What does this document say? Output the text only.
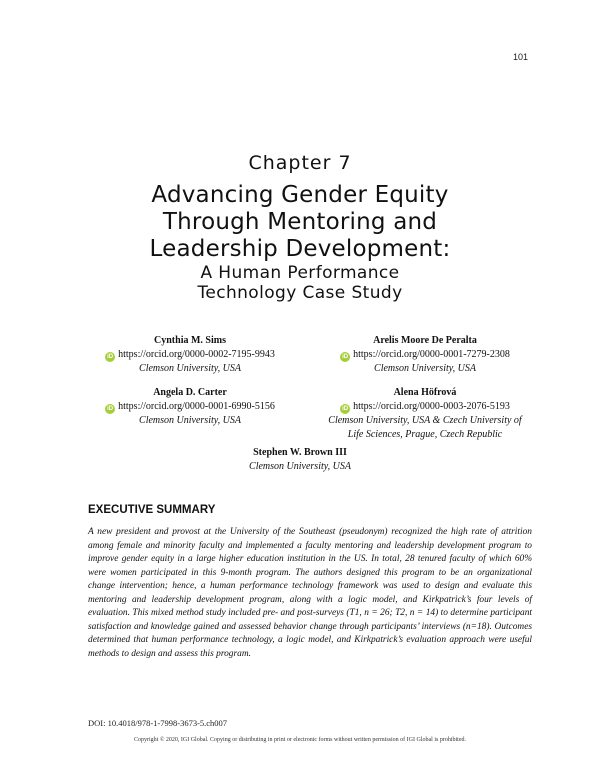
101
Chapter 7
Advancing Gender Equity
Through Mentoring and
Leadership Development:
A Human Performance
Technology Case Study
Cynthia M. Sims
iD https://orcid.org/0000-0002-7195-9943
Clemson University, USA
Arelis Moore De Peralta
iD https://orcid.org/0000-0001-7279-2308
Clemson University, USA
Angela D. Carter
iD https://orcid.org/0000-0001-6990-5156
Clemson University, USA
Alena Höfrová
iD https://orcid.org/0000-0003-2076-5193
Clemson University, USA & Czech University of
Life Sciences, Prague, Czech Republic
Stephen W. Brown III
Clemson University, USA
EXECUTIVE SUMMARY

A new president and provost at the University of the Southeast (pseudonym) recognized the high rate of attrition among female and minority faculty and implemented a faculty mentoring and leadership development program to improve gender equity in a large higher education institution in the US. In total, 28 tenured faculty of which 60% were women participated in this 9-month program. The authors designed this program to be an organizational change intervention; hence, a human performance technology framework was used to design and evaluate this mentoring and leadership development program, along with a logic model, and Kirkpatrick’s four levels of evaluation. This mixed method study included pre- and post-surveys (T1, n = 26; T2, n = 14) to determine participant satisfaction and knowledge gained and assessed behavior change through participants’ interviews (n=18). Outcomes determined that human performance technology, a logic model, and Kirkpatrick’s evaluation approach were useful methods to design and assess this program.

DOI: 10.4018/978-1-7998-3673-5.ch007
Copyright © 2020, IGI Global. Copying or distributing in print or electronic forms without written permission of IGI Global is prohibited.
